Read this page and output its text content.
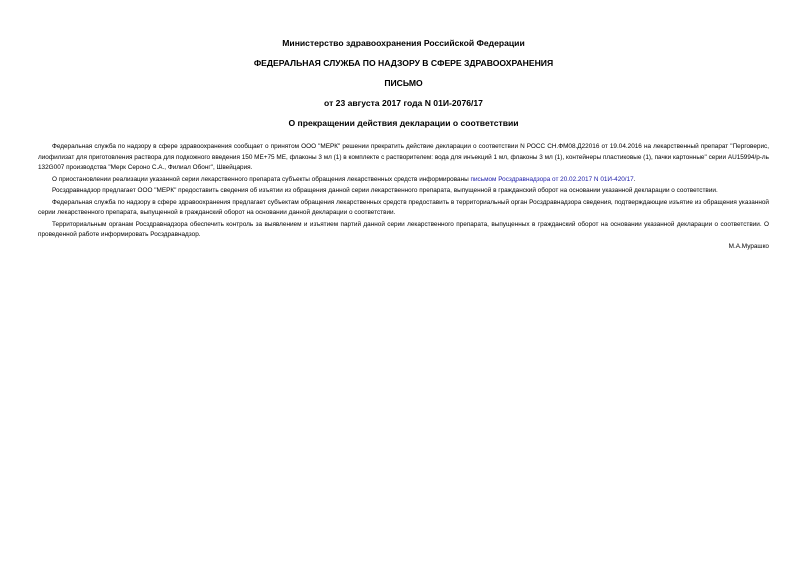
Министерство здравоохранения Российской Федерации
ФЕДЕРАЛЬНАЯ СЛУЖБА ПО НАДЗОРУ В СФЕРЕ ЗДРАВООХРАНЕНИЯ
ПИСЬМО
от 23 августа 2017 года N 01И-2076/17
О прекращении действия декларации о соответствии

Федеральная служба по надзору в сфере здравоохранения сообщает о принятом ООО "МЕРК" решении прекратить действие декларации о соответствии N РОСС CH.ФМ08.Д22016 от 19.04.2016 на лекарственный препарат "Перговерис, лиофилизат для приготовления раствора для подкожного введения 150 МЕ+75 МЕ, флаконы 3 мл (1) в комплекте с растворителем: вода для инъекций 1 мл, флаконы 3 мл (1), контейнеры пластиковые (1), пачки картонные" серии AU15994/р-ль 132G007 производства "Мерк Сероно С.А., Филиал Обонг", Швейцария.

О приостановлении реализации указанной серии лекарственного препарата субъекты обращения лекарственных средств информированы письмом Росздравнадзора от 20.02.2017 N 01И-420/17.

Росздравнадзор предлагает ООО "МЕРК" предоставить сведения об изъятии из обращения данной серии лекарственного препарата, выпущенной в гражданский оборот на основании указанной декларации о соответствии.

Федеральная служба по надзору в сфере здравоохранения предлагает субъектам обращения лекарственных средств предоставить в территориальный орган Росздравнадзора сведения, подтверждающие изъятие из обращения указанной серии лекарственного препарата, выпущенной в гражданский оборот на основании данной декларации о соответствии.

Территориальным органам Росздравнадзора обеспечить контроль за выявлением и изъятием партий данной серии лекарственного препарата, выпущенных в гражданский оборот на основании указанной декларации о соответствии. О проведенной работе информировать Росздравнадзор.

М.А.Мурашко
